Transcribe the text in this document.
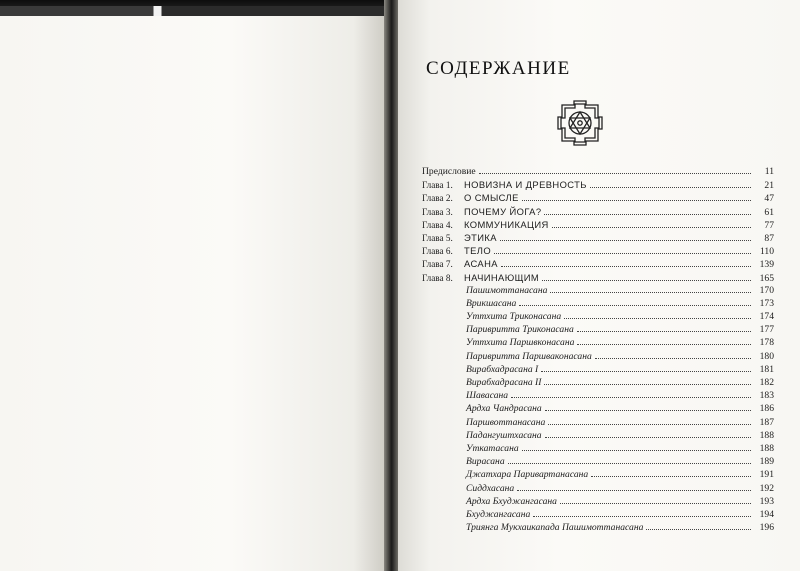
СОДЕРЖАНИЕ
Предисловие	11
Глава 1.	НОВИЗНА И ДРЕВНОСТЬ	21
Глава 2.	О СМЫСЛЕ	47
Глава 3.	ПОЧЕМУ ЙОГА?	61
Глава 4.	КОММУНИКАЦИЯ	77
Глава 5.	ЭТИКА	87
Глава 6.	ТЕЛО	110
Глава 7.	АСАНА	139
Глава 8.	НАЧИНАЮЩИМ	165
Пашимоттанасана	170
Врикшасана	173
Уттхита Триконасана	174
Паривритта Триконасана	177
Уттхита Паршвконасана	178
Паривритта Паршваконасана	180
Вирабхадрасана I	181
Вирабхадрасана II	182
Шавасана	183
Ардха Чандрасана	186
Паршвоттанасана	187
Падангуштхасана	188
Уткатасана	188
Вирасана	189
Джатхара Паривартанасана	191
Сиддхасана	192
Ардха Бхуджангасана	193
Бхуджангасана	194
Триянга Мукхаикапада Пашимоттанасана	196
